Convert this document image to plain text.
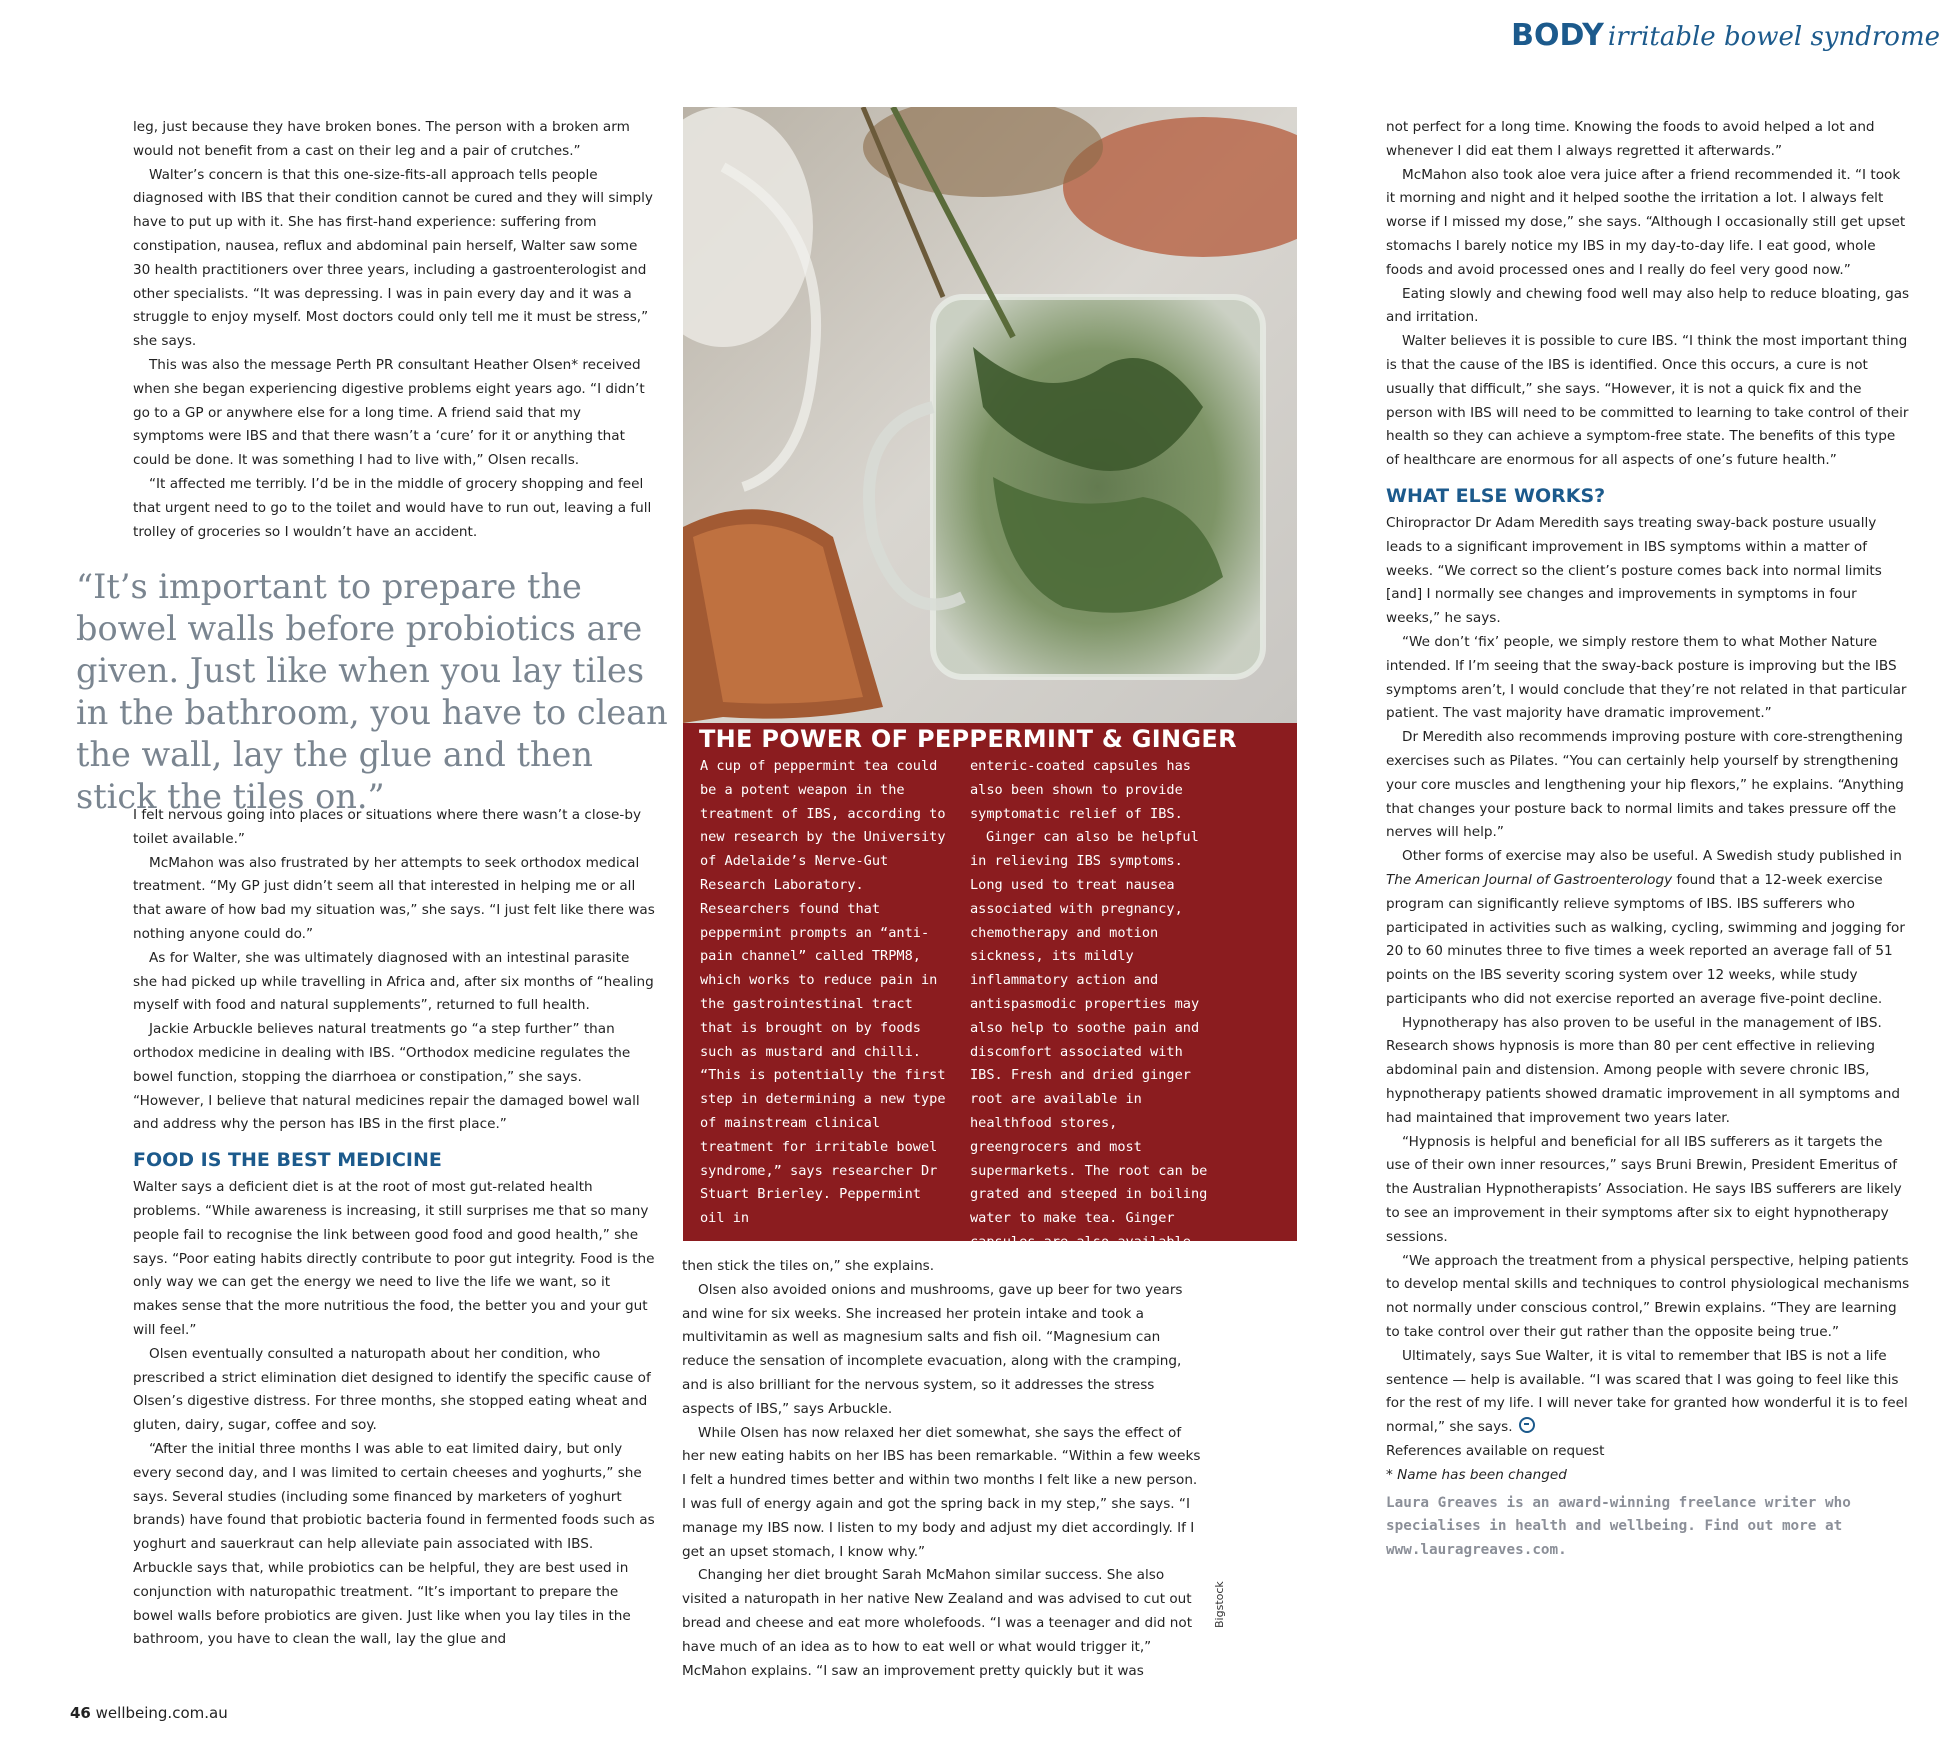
BODY irritable bowel syndrome

leg, just because they have broken bones. The person with a broken arm would not benefit from a cast on their leg and a pair of crutches.”

Walter’s concern is that this one-size-fits-all approach tells people diagnosed with IBS that their condition cannot be cured and they will simply have to put up with it. She has first-hand experience: suffering from constipation, nausea, reflux and abdominal pain herself, Walter saw some 30 health practitioners over three years, including a gastroenterologist and other specialists. “It was depressing. I was in pain every day and it was a struggle to enjoy myself. Most doctors could only tell me it must be stress,” she says.

This was also the message Perth PR consultant Heather Olsen* received when she began experiencing digestive problems eight years ago. “I didn’t go to a GP or anywhere else for a long time. A friend said that my symptoms were IBS and that there wasn’t a ‘cure’ for it or anything that could be done. It was something I had to live with,” Olsen recalls.

“It affected me terribly. I’d be in the middle of grocery shopping and feel that urgent need to go to the toilet and would have to run out, leaving a full trolley of groceries so I wouldn’t have an accident.

“It’s important to prepare the bowel walls before probiotics are given. Just like when you lay tiles in the bathroom, you have to clean the wall, lay the glue and then stick the tiles on.”

I felt nervous going into places or situations where there wasn’t a close-by toilet available.”

McMahon was also frustrated by her attempts to seek orthodox medical treatment. “My GP just didn’t seem all that interested in helping me or all that aware of how bad my situation was,” she says. “I just felt like there was nothing anyone could do.”

As for Walter, she was ultimately diagnosed with an intestinal parasite she had picked up while travelling in Africa and, after six months of “healing myself with food and natural supplements”, returned to full health.

Jackie Arbuckle believes natural treatments go “a step further” than orthodox medicine in dealing with IBS. “Orthodox medicine regulates the bowel function, stopping the diarrhoea or constipation,” she says. “However, I believe that natural medicines repair the damaged bowel wall and address why the person has IBS in the first place.”

FOOD IS THE BEST MEDICINE

Walter says a deficient diet is at the root of most gut-related health problems. “While awareness is increasing, it still surprises me that so many people fail to recognise the link between good food and good health,” she says. “Poor eating habits directly contribute to poor gut integrity. Food is the only way we can get the energy we need to live the life we want, so it makes sense that the more nutritious the food, the better you and your gut will feel.”

Olsen eventually consulted a naturopath about her condition, who prescribed a strict elimination diet designed to identify the specific cause of Olsen’s digestive distress. For three months, she stopped eating wheat and gluten, dairy, sugar, coffee and soy.

“After the initial three months I was able to eat limited dairy, but only every second day, and I was limited to certain cheeses and yoghurts,” she says. Several studies (including some financed by marketers of yoghurt brands) have found that probiotic bacteria found in fermented foods such as yoghurt and sauerkraut can help alleviate pain associated with IBS. Arbuckle says that, while probiotics can be helpful, they are best used in conjunction with naturopathic treatment. “It’s important to prepare the bowel walls before probiotics are given. Just like when you lay tiles in the bathroom, you have to clean the wall, lay the glue and

THE POWER OF PEPPERMINT & GINGER

A cup of peppermint tea could be a potent weapon in the treatment of IBS, according to new research by the University of Adelaide’s Nerve-Gut Research Laboratory. Researchers found that peppermint prompts an “anti-pain channel” called TRPM8, which works to reduce pain in the gastrointestinal tract that is brought on by foods such as mustard and chilli. “This is potentially the first step in determining a new type of mainstream clinical treatment for irritable bowel syndrome,” says researcher Dr Stuart Brierley. Peppermint oil in

enteric-coated capsules has also been shown to provide symptomatic relief of IBS.

Ginger can also be helpful in relieving IBS symptoms. Long used to treat nausea associated with pregnancy, chemotherapy and motion sickness, its mildly inflammatory action and antispasmodic properties may also help to soothe pain and discomfort associated with IBS. Fresh and dried ginger root are available in healthfood stores, greengrocers and most supermarkets. The root can be grated and steeped in boiling water to make tea. Ginger capsules are also available from healthfood stores.

then stick the tiles on,” she explains.

Olsen also avoided onions and mushrooms, gave up beer for two years and wine for six weeks. She increased her protein intake and took a multivitamin as well as magnesium salts and fish oil. “Magnesium can reduce the sensation of incomplete evacuation, along with the cramping, and is also brilliant for the nervous system, so it addresses the stress aspects of IBS,” says Arbuckle.

While Olsen has now relaxed her diet somewhat, she says the effect of her new eating habits on her IBS has been remarkable. “Within a few weeks I felt a hundred times better and within two months I felt like a new person. I was full of energy again and got the spring back in my step,” she says. “I manage my IBS now. I listen to my body and adjust my diet accordingly. If I get an upset stomach, I know why.”

Changing her diet brought Sarah McMahon similar success. She also visited a naturopath in her native New Zealand and was advised to cut out bread and cheese and eat more wholefoods. “I was a teenager and did not have much of an idea as to how to eat well or what would trigger it,” McMahon explains. “I saw an improvement pretty quickly but it was

Bigstock

not perfect for a long time. Knowing the foods to avoid helped a lot and whenever I did eat them I always regretted it afterwards.”

McMahon also took aloe vera juice after a friend recommended it. “I took it morning and night and it helped soothe the irritation a lot. I always felt worse if I missed my dose,” she says. “Although I occasionally still get upset stomachs I barely notice my IBS in my day-to-day life. I eat good, whole foods and avoid processed ones and I really do feel very good now.”

Eating slowly and chewing food well may also help to reduce bloating, gas and irritation.

Walter believes it is possible to cure IBS. “I think the most important thing is that the cause of the IBS is identified. Once this occurs, a cure is not usually that difficult,” she says. “However, it is not a quick fix and the person with IBS will need to be committed to learning to take control of their health so they can achieve a symptom-free state. The benefits of this type of healthcare are enormous for all aspects of one’s future health.”

WHAT ELSE WORKS?

Chiropractor Dr Adam Meredith says treating sway-back posture usually leads to a significant improvement in IBS symptoms within a matter of weeks. “We correct so the client’s posture comes back into normal limits [and] I normally see changes and improvements in symptoms in four weeks,” he says.

“We don’t ‘fix’ people, we simply restore them to what Mother Nature intended. If I’m seeing that the sway-back posture is improving but the IBS symptoms aren’t, I would conclude that they’re not related in that particular patient. The vast majority have dramatic improvement.”

Dr Meredith also recommends improving posture with core-strengthening exercises such as Pilates. “You can certainly help yourself by strengthening your core muscles and lengthening your hip flexors,” he explains. “Anything that changes your posture back to normal limits and takes pressure off the nerves will help.”

Other forms of exercise may also be useful. A Swedish study published in The American Journal of Gastroenterology found that a 12-week exercise program can significantly relieve symptoms of IBS. IBS sufferers who participated in activities such as walking, cycling, swimming and jogging for 20 to 60 minutes three to five times a week reported an average fall of 51 points on the IBS severity scoring system over 12 weeks, while study participants who did not exercise reported an average five-point decline.

Hypnotherapy has also proven to be useful in the management of IBS. Research shows hypnosis is more than 80 per cent effective in relieving abdominal pain and distension. Among people with severe chronic IBS, hypnotherapy patients showed dramatic improvement in all symptoms and had maintained that improvement two years later.

“Hypnosis is helpful and beneficial for all IBS sufferers as it targets the use of their own inner resources,” says Bruni Brewin, President Emeritus of the Australian Hypnotherapists’ Association. He says IBS sufferers are likely to see an improvement in their symptoms after six to eight hypnotherapy sessions.

“We approach the treatment from a physical perspective, helping patients to develop mental skills and techniques to control physiological mechanisms not normally under conscious control,” Brewin explains. “They are learning to take control over their gut rather than the opposite being true.”

Ultimately, says Sue Walter, it is vital to remember that IBS is not a life sentence — help is available. “I was scared that I was going to feel like this for the rest of my life. I will never take for granted how wonderful it is to feel normal,” she says.

References available on request

* Name has been changed

Laura Greaves is an award-winning freelance writer who specialises in health and wellbeing. Find out more at www.lauragreaves.com.

46 wellbeing.com.au
